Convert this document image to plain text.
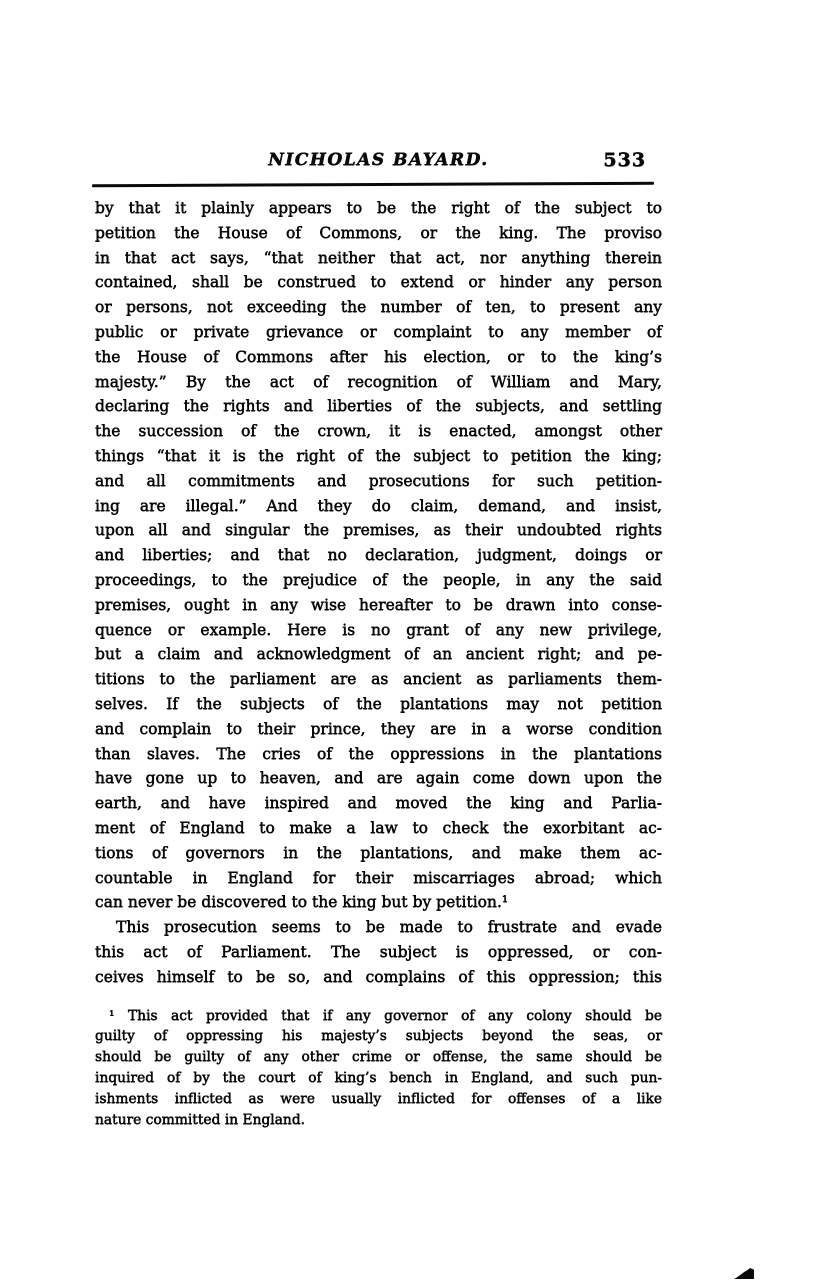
NICHOLAS BAYARD.	533
by that it plainly appears to be the right of the subject to
petition the House of Commons, or the king. The proviso
in that act says, “that neither that act, nor anything therein
contained, shall be construed to extend or hinder any person
or persons, not exceeding the number of ten, to present any
public or private grievance or complaint to any member of
the House of Commons after his election, or to the king’s
majesty.” By the act of recognition of William and Mary,
declaring the rights and liberties of the subjects, and settling
the succession of the crown, it is enacted, amongst other
things “that it is the right of the subject to petition the king;
and all commitments and prosecutions for such petition-
ing are illegal.” And they do claim, demand, and insist,
upon all and singular the premises, as their undoubted rights
and liberties; and that no declaration, judgment, doings or
proceedings, to the prejudice of the people, in any the said
premises, ought in any wise hereafter to be drawn into conse-
quence or example. Here is no grant of any new privilege,
but a claim and acknowledgment of an ancient right; and pe-
titions to the parliament are as ancient as parliaments them-
selves. If the subjects of the plantations may not petition
and complain to their prince, they are in a worse condition
than slaves. The cries of the oppressions in the plantations
have gone up to heaven, and are again come down upon the
earth, and have inspired and moved the king and Parlia-
ment of England to make a law to check the exorbitant ac-
tions of governors in the plantations, and make them ac-
countable in England for their miscarriages abroad; which
can never be discovered to the king but by petition.¹
This prosecution seems to be made to frustrate and evade
this act of Parliament. The subject is oppressed, or con-
ceives himself to be so, and complains of this oppression; this
¹ This act provided that if any governor of any colony should be
guilty of oppressing his majesty’s subjects beyond the seas, or
should be guilty of any other crime or offense, the same should be
inquired of by the court of king’s bench in England, and such pun-
ishments inflicted as were usually inflicted for offenses of a like
nature committed in England.
